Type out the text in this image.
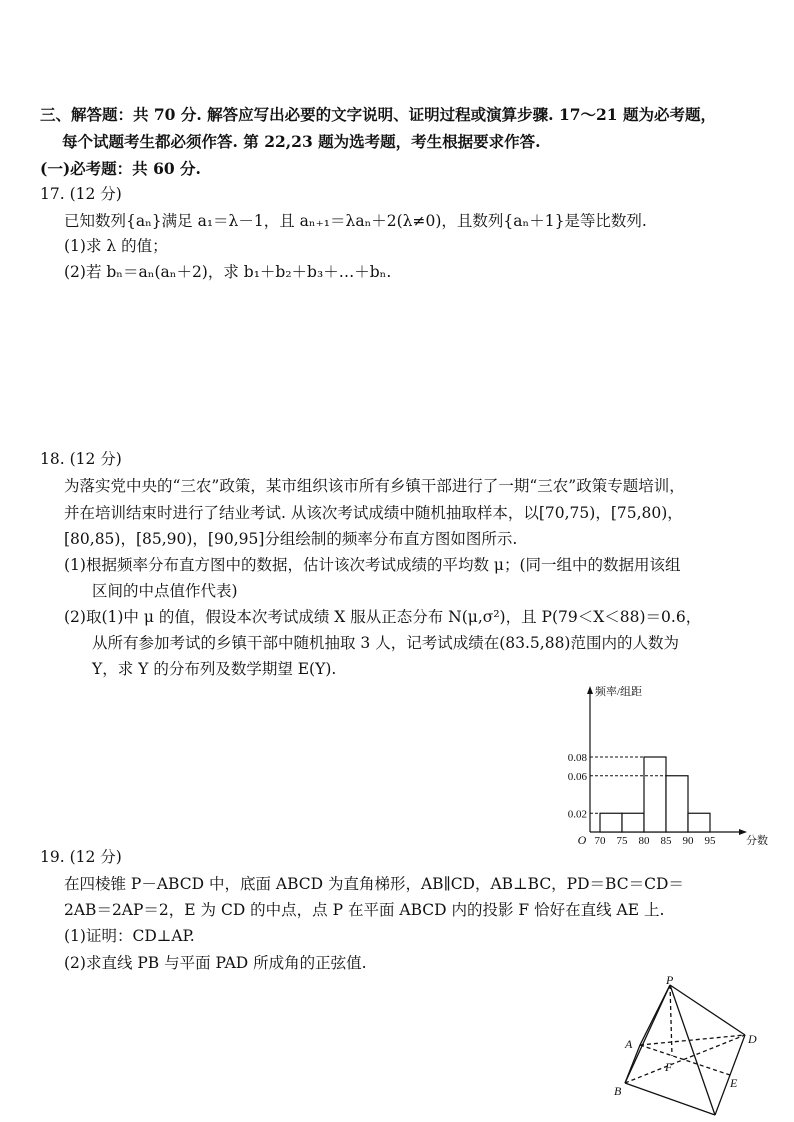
三、解答题：共 70 分. 解答应写出必要的文字说明、证明过程或演算步骤. 17～21 题为必考题，
每个试题考生都必须作答. 第 22,23 题为选考题，考生根据要求作答.
(一)必考题：共 60 分.
17. (12 分)
已知数列{aₙ}满足 a₁＝λ－1，且 aₙ₊₁＝λaₙ＋2(λ≠0)，且数列{aₙ＋1}是等比数列.
(1)求 λ 的值；
(2)若 bₙ＝aₙ(aₙ＋2)，求 b₁＋b₂＋b₃＋…＋bₙ.
18. (12 分)
为落实党中央的“三农”政策，某市组织该市所有乡镇干部进行了一期“三农”政策专题培训，
并在培训结束时进行了结业考试. 从该次考试成绩中随机抽取样本，以[70,75)，[75,80)，
[80,85)，[85,90)，[90,95]分组绘制的频率分布直方图如图所示.
(1)根据频率分布直方图中的数据，估计该次考试成绩的平均数 μ；(同一组中的数据用该组
区间的中点值作代表)
(2)取(1)中 μ 的值，假设本次考试成绩 X 服从正态分布 N(μ,σ²)，且 P(79＜X＜88)＝0.6，
从所有参加考试的乡镇干部中随机抽取 3 人，记考试成绩在(83.5,88)范围内的人数为
Y，求 Y 的分布列及数学期望 E(Y).
频率/组距
分数
O
0.02
0.06
0.08
70 75 80 85 90 95
19. (12 分)
在四棱锥 P－ABCD 中，底面 ABCD 为直角梯形，AB∥CD，AB⊥BC，PD＝BC＝CD＝
2AB＝2AP＝2，E 为 CD 的中点，点 P 在平面 ABCD 内的投影 F 恰好在直线 AE 上.
(1)证明：CD⊥AP.
(2)求直线 PB 与平面 PAD 所成角的正弦值.
P
A
B
D
F
E
